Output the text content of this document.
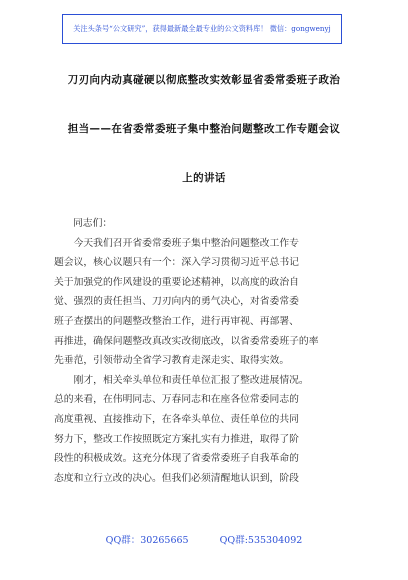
关注头条号“公文研究”，获得最新最全最专业的公文资料库！ 微信：gongwenyj
刀刃向内动真碰硬以彻底整改实效彰显省委常委班子政治
担当——在省委常委班子集中整治问题整改工作专题会议
上的讲话
同志们：
　　今天我们召开省委常委班子集中整治问题整改工作专
题会议，核心议题只有一个：深入学习贯彻习近平总书记
关于加强党的作风建设的重要论述精神，以高度的政治自
觉、强烈的责任担当、刀刃向内的勇气决心，对省委常委
班子查摆出的问题整改整治工作，进行再审视、再部署、
再推进，确保问题整改真改实改彻底改，以省委常委班子的率
先垂范，引领带动全省学习教育走深走实、取得实效。
　　刚才，相关牵头单位和责任单位汇报了整改进展情况。
总的来看，在伟明同志、万春同志和在座各位常委同志的
高度重视、直接推动下，在各牵头单位、责任单位的共同
努力下，整改工作按照既定方案扎实有力推进，取得了阶
段性的积极成效。这充分体现了省委常委班子自我革命的
态度和立行立改的决心。但我们必须清醒地认识到，阶段
QQ群：30265665	QQ群:535304092
